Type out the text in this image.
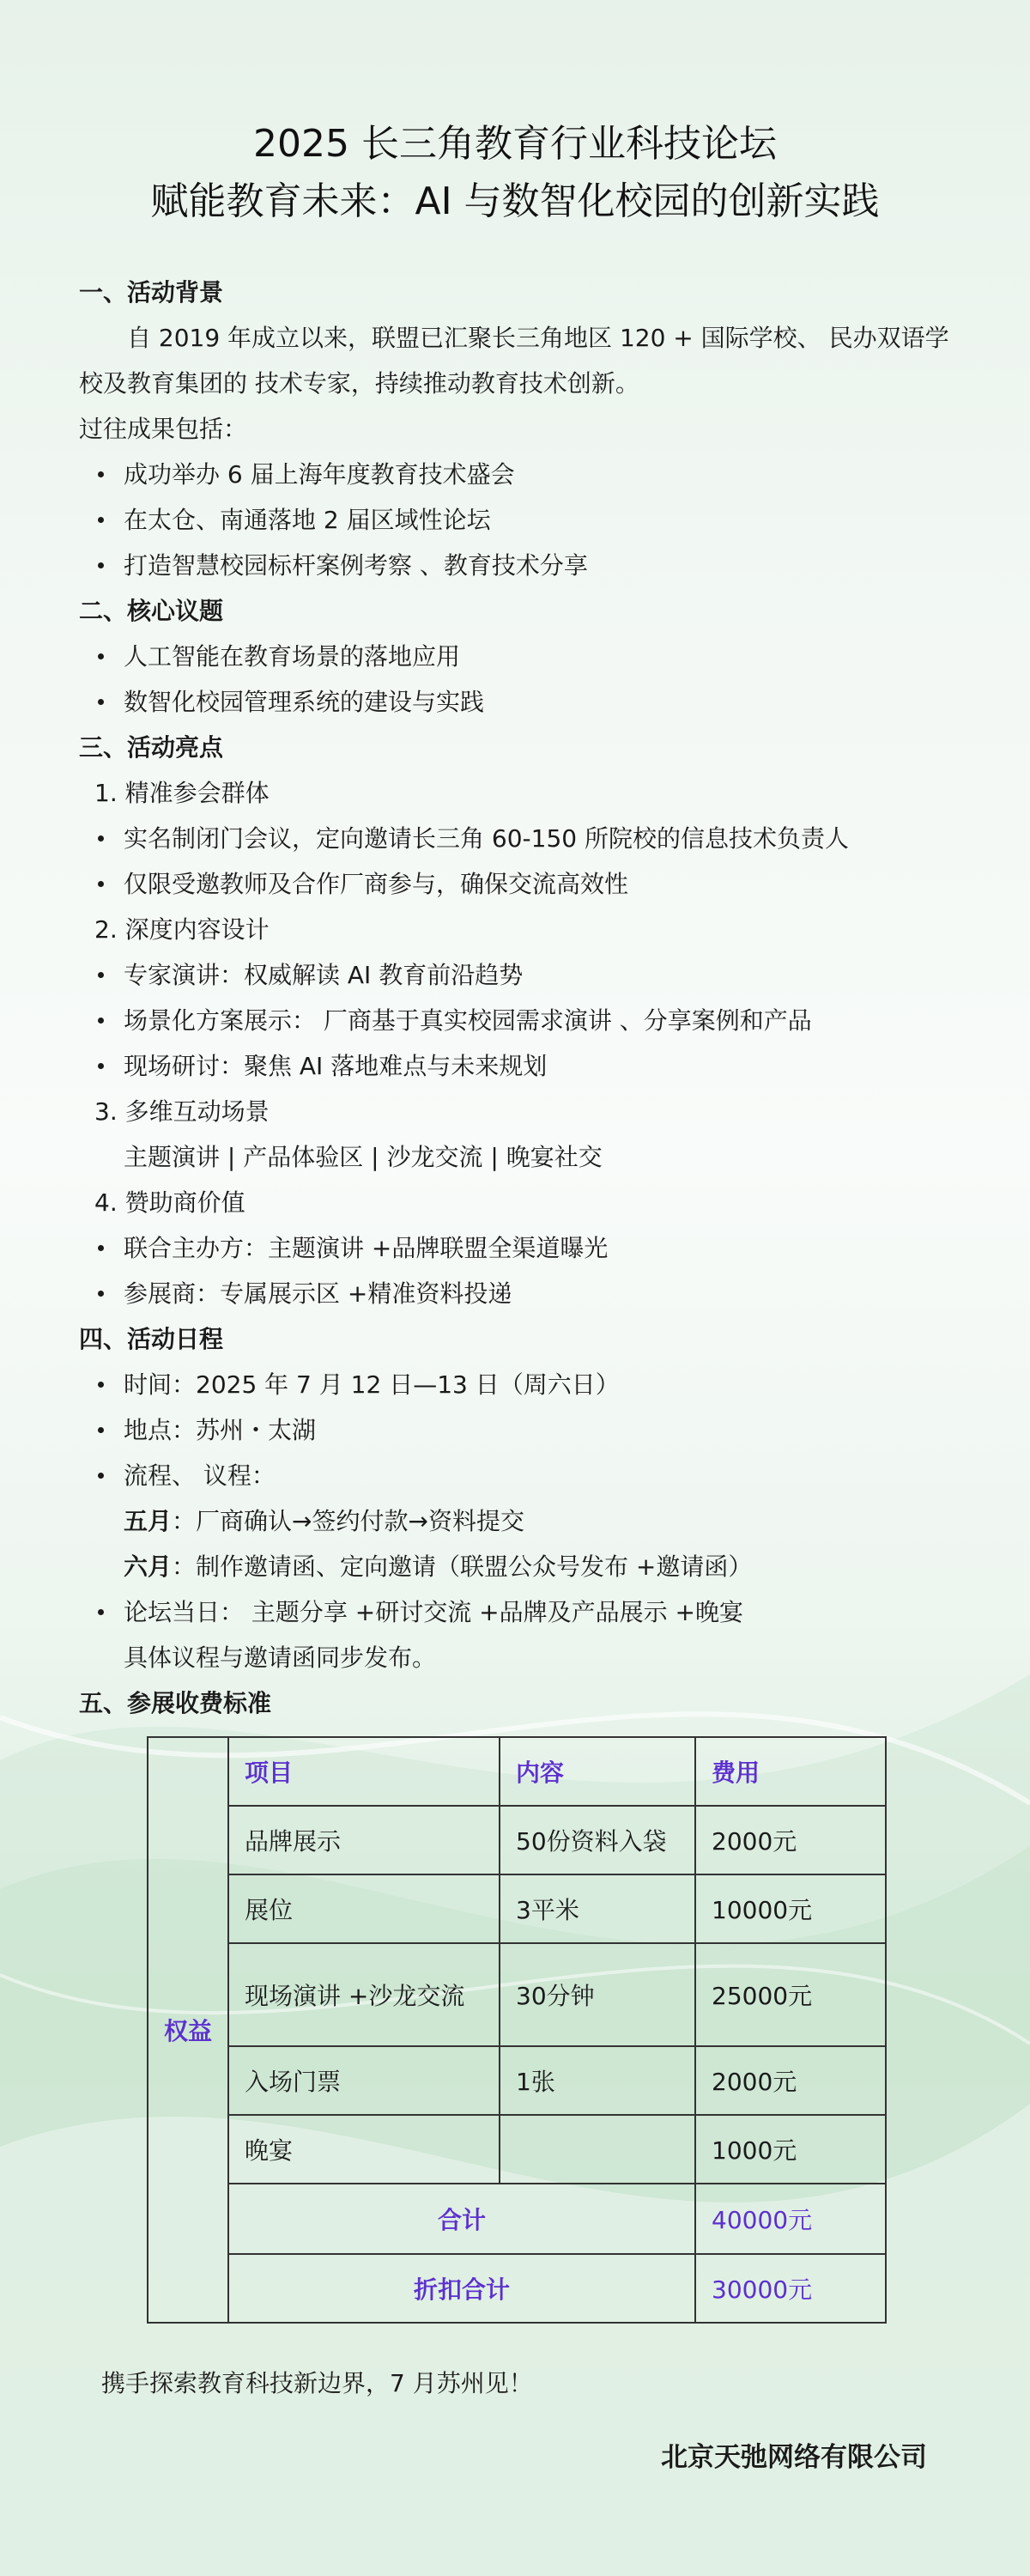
2025 长三角教育行业科技论坛
赋能教育未来：AI 与数智化校园的创新实践
一、活动背景
自 2019 年成立以来，联盟已汇聚长三角地区 120 + 国际学校、 民办双语学校及教育集团的 技术专家，持续推动教育技术创新。
过往成果包括：
成功举办 6 届上海年度教育技术盛会
在太仓、南通落地 2 届区域性论坛
打造智慧校园标杆案例考察 、教育技术分享
二、核心议题
人工智能在教育场景的落地应用
数智化校园管理系统的建设与实践
三、活动亮点
1. 精准参会群体
实名制闭门会议，定向邀请长三角 60-150 所院校的信息技术负责人
仅限受邀教师及合作厂商参与，确保交流高效性
2. 深度内容设计
专家演讲：权威解读 AI 教育前沿趋势
场景化方案展示： 厂商基于真实校园需求演讲 、分享案例和产品
现场研讨：聚焦 AI 落地难点与未来规划
3. 多维互动场景
主题演讲 | 产品体验区 | 沙龙交流 | 晚宴社交
4. 赞助商价值
联合主办方：主题演讲 +品牌联盟全渠道曝光
参展商：专属展示区 +精准资料投递
四、活动日程
时间：2025 年 7 月 12 日—13 日（周六日）
地点：苏州・太湖
流程、 议程：
五月：厂商确认→签约付款→资料提交
六月：制作邀请函、定向邀请（联盟公众号发布 +邀请函）
论坛当日： 主题分享 +研讨交流 +品牌及产品展示 +晚宴
具体议程与邀请函同步发布。
五、参展收费标准
权益	项目	内容	费用
	品牌展示	50份资料入袋	2000元
	展位	3平米	10000元
	现场演讲 +沙龙交流	30分钟	25000元
	入场门票	1张	2000元
	晚宴		1000元
	合计		40000元
	折扣合计		30000元
携手探索教育科技新边界，7 月苏州见！
北京天弛网络有限公司
